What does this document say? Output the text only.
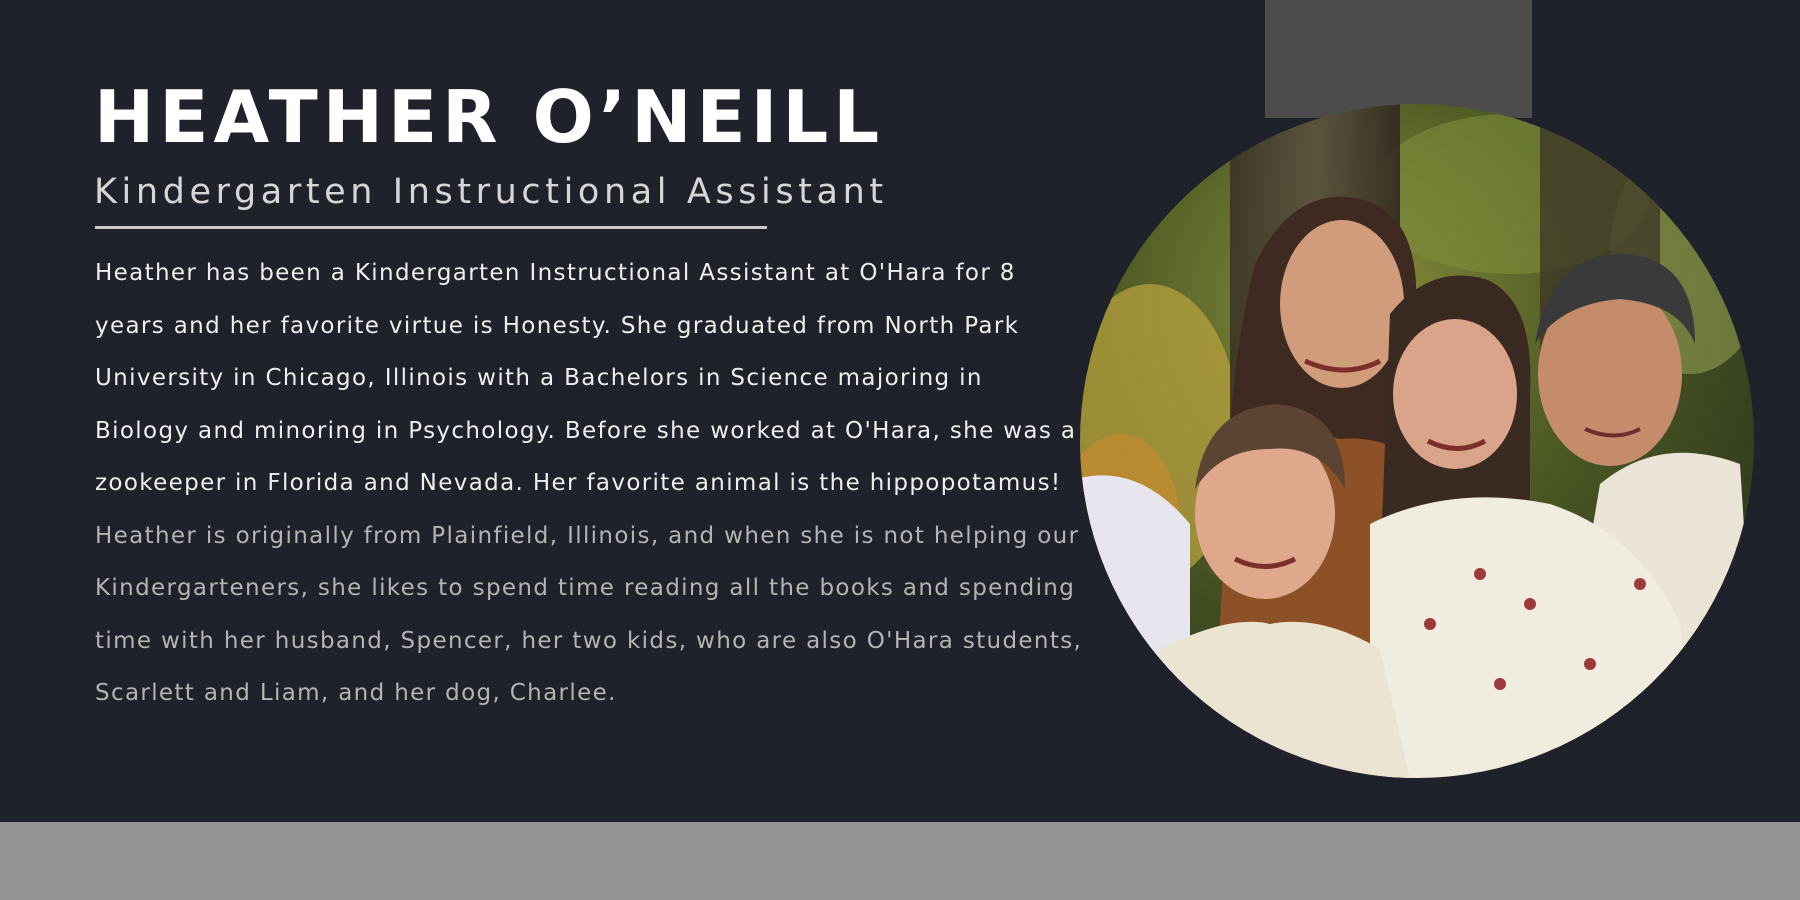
HEATHER O’NEILL
Kindergarten Instructional Assistant

Heather has been a Kindergarten Instructional Assistant at O'Hara for 8 years and her favorite virtue is Honesty. She graduated from North Park University in Chicago, Illinois with a Bachelors in Science majoring in Biology and minoring in Psychology. Before she worked at O'Hara, she was a zookeeper in Florida and Nevada. Her favorite animal is the hippopotamus! Heather is originally from Plainfield, Illinois, and when she is not helping our Kindergarteners, she likes to spend time reading all the books and spending time with her husband, Spencer, her two kids, who are also O'Hara students, Scarlett and Liam, and her dog, Charlee.
